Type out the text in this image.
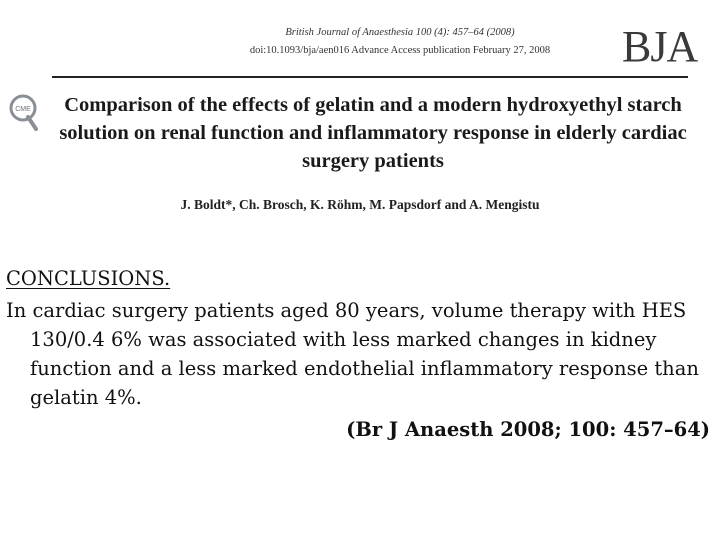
British Journal of Anaesthesia 100 (4): 457–64 (2008)
doi:10.1093/bja/aen016 Advance Access publication February 27, 2008	BJA
CME	Comparison of the effects of gelatin and a modern hydroxyethyl starch solution on renal function and inflammatory response in elderly cardiac surgery patients
J. Boldt*, Ch. Brosch, K. Röhm, M. Papsdorf and A. Mengistu

CONCLUSIONS.

In cardiac surgery patients aged 80 years, volume therapy with HES 130/0.4 6% was associated with less marked changes in kidney function and a less marked endothelial inflammatory response than gelatin 4%.

(Br J Anaesth 2008; 100: 457–64)
